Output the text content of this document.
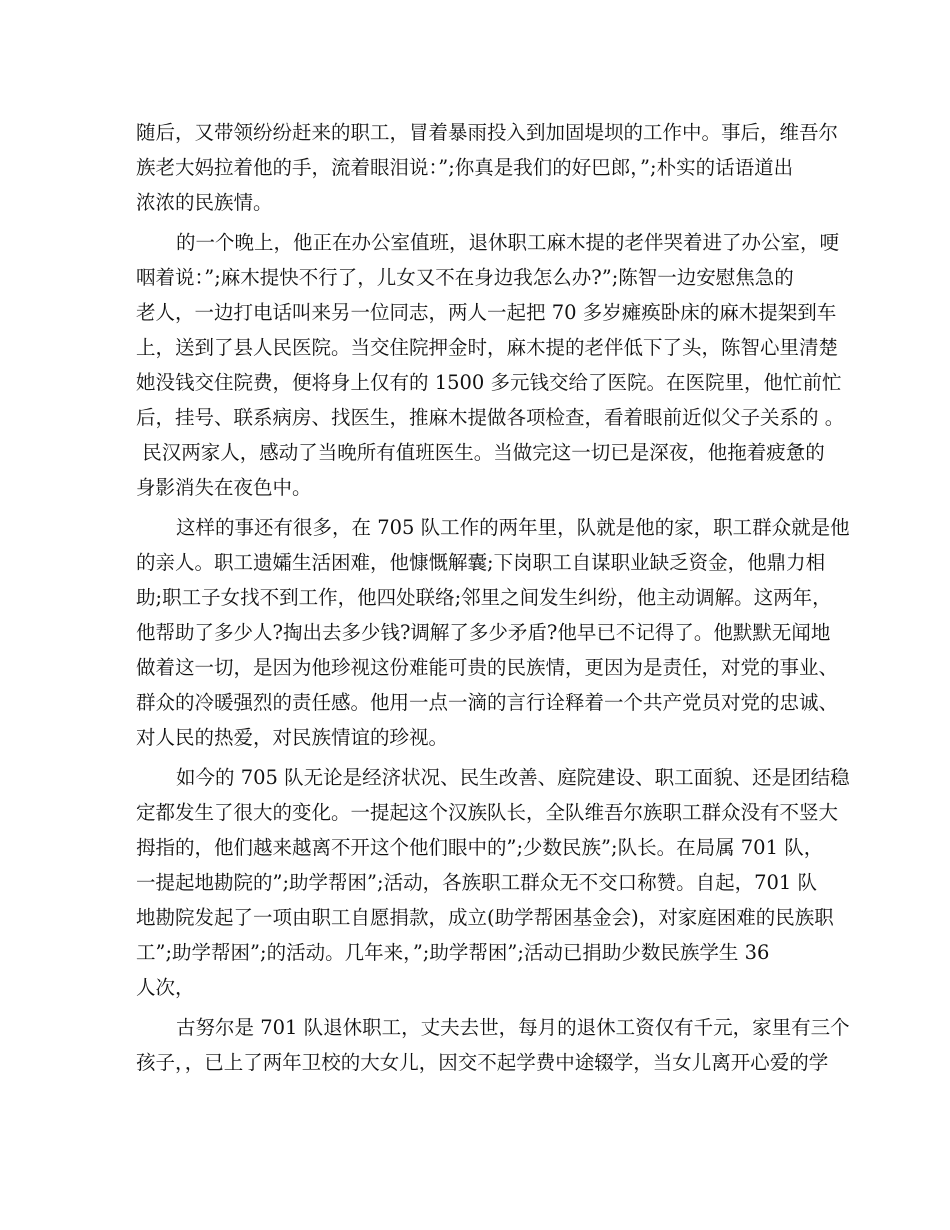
随后，又带领纷纷赶来的职工，冒着暴雨投入到加固堤坝的工作中。事后，维吾尔
族老大妈拉着他的手，流着眼泪说：”;你真是我们的好巴郎，”;朴实的话语道出
浓浓的民族情。
的一个晚上，他正在办公室值班，退休职工麻木提的老伴哭着进了办公室，哽
咽着说：”;麻木提快不行了，儿女又不在身边我怎么办?”;陈智一边安慰焦急的
老人，一边打电话叫来另一位同志，两人一起把 70 多岁瘫痪卧床的麻木提架到车
上，送到了县人民医院。当交住院押金时，麻木提的老伴低下了头，陈智心里清楚
她没钱交住院费，便将身上仅有的 1500 多元钱交给了医院。在医院里，他忙前忙
后，挂号、联系病房、找医生，推麻木提做各项检查，看着眼前近似父子关系的 。
民汉两家人，感动了当晚所有值班医生。当做完这一切已是深夜，他拖着疲惫的
身影消失在夜色中。
这样的事还有很多，在 705 队工作的两年里，队就是他的家，职工群众就是他
的亲人。职工遗孀生活困难，他慷慨解囊;下岗职工自谋职业缺乏资金，他鼎力相
助;职工子女找不到工作，他四处联络;邻里之间发生纠纷，他主动调解。这两年，
他帮助了多少人?掏出去多少钱?调解了多少矛盾?他早已不记得了。他默默无闻地
做着这一切，是因为他珍视这份难能可贵的民族情，更因为是责任，对党的事业、
群众的冷暖强烈的责任感。他用一点一滴的言行诠释着一个共产党员对党的忠诚、
对人民的热爱，对民族情谊的珍视。
如今的 705 队无论是经济状况、民生改善、庭院建设、职工面貌、还是团结稳
定都发生了很大的变化。一提起这个汉族队长，全队维吾尔族职工群众没有不竖大
拇指的，他们越来越离不开这个他们眼中的”;少数民族”;队长。在局属 701 队，
一提起地勘院的”;助学帮困”;活动，各族职工群众无不交口称赞。自起，701 队
地勘院发起了一项由职工自愿捐款，成立(助学帮困基金会)，对家庭困难的民族职
工”;助学帮困”;的活动。几年来，”;助学帮困”;活动已捐助少数民族学生 36
人次，
古努尔是 701 队退休职工，丈夫去世，每月的退休工资仅有千元，家里有三个
孩子，，已上了两年卫校的大女儿，因交不起学费中途辍学，当女儿离开心爱的学
